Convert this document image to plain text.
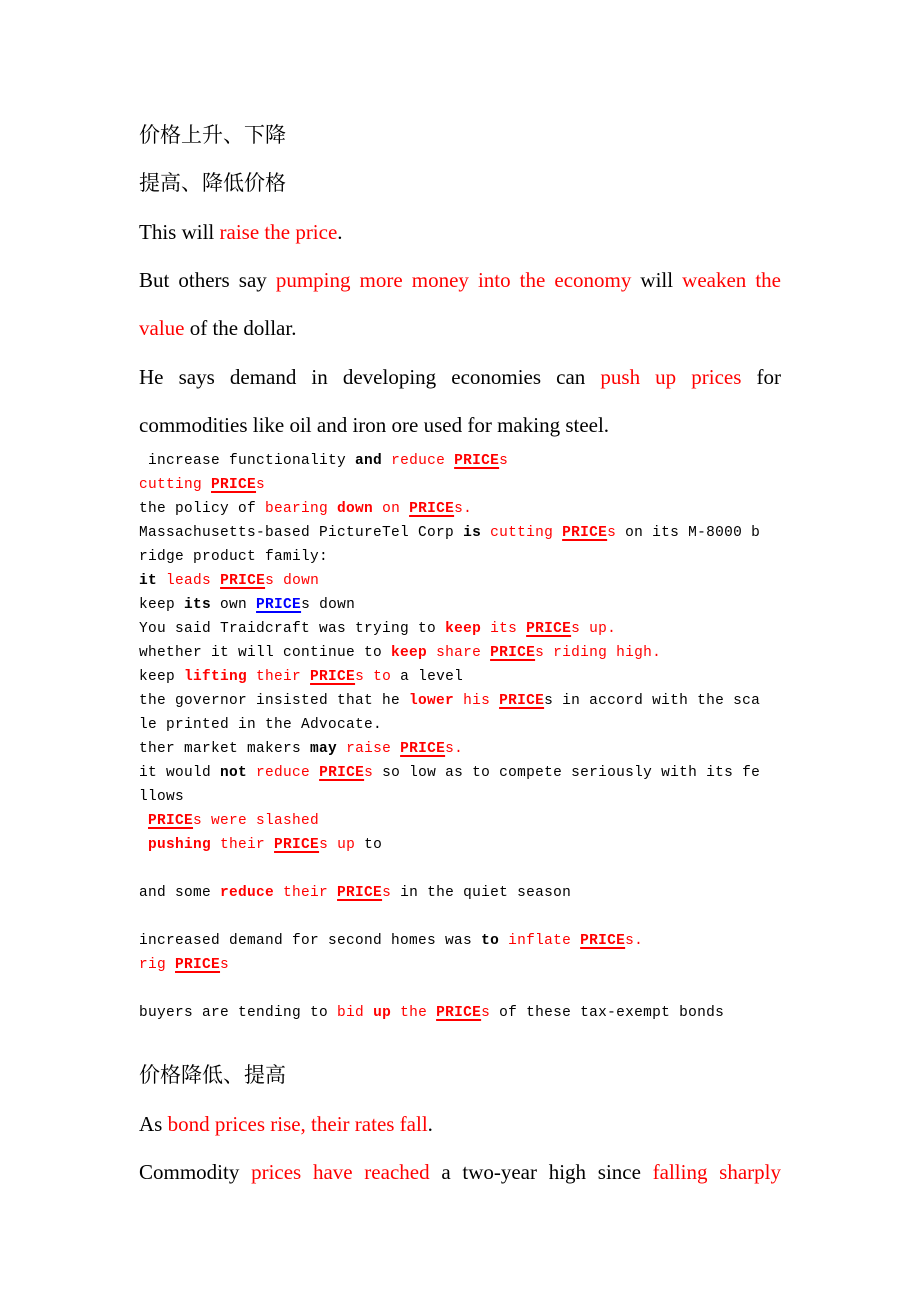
价格上升、下降
提高、降低价格
This will raise the price.
But others say pumping more money into the economy will weaken the
value of the dollar.
He says demand in developing economies can push up prices for
commodities like oil and iron ore used for making steel.
increase functionality and reduce PRICEs
cutting PRICEs
the policy of bearing down on PRICEs.
Massachusetts-based PictureTel Corp is cutting PRICEs on its M-8000 b
ridge product family:
it leads PRICEs down
keep its own PRICEs down
You said Traidcraft was trying to keep its PRICEs up.
whether it will continue to keep share PRICEs riding high.
keep lifting their PRICEs to a level
the governor insisted that he lower his PRICEs in accord with the sca
le printed in the Advocate.
ther market makers may raise PRICEs.
it would not reduce PRICEs so low as to compete seriously with its fe
llows
PRICEs were slashed
pushing their PRICEs up to
and some reduce their PRICEs in the quiet season
increased demand for second homes was to inflate PRICEs.
rig PRICEs
buyers are tending to bid up the PRICEs of these tax-exempt bonds
价格降低、提高
As bond prices rise, their rates fall.
Commodity prices have reached a two-year high since falling sharply
